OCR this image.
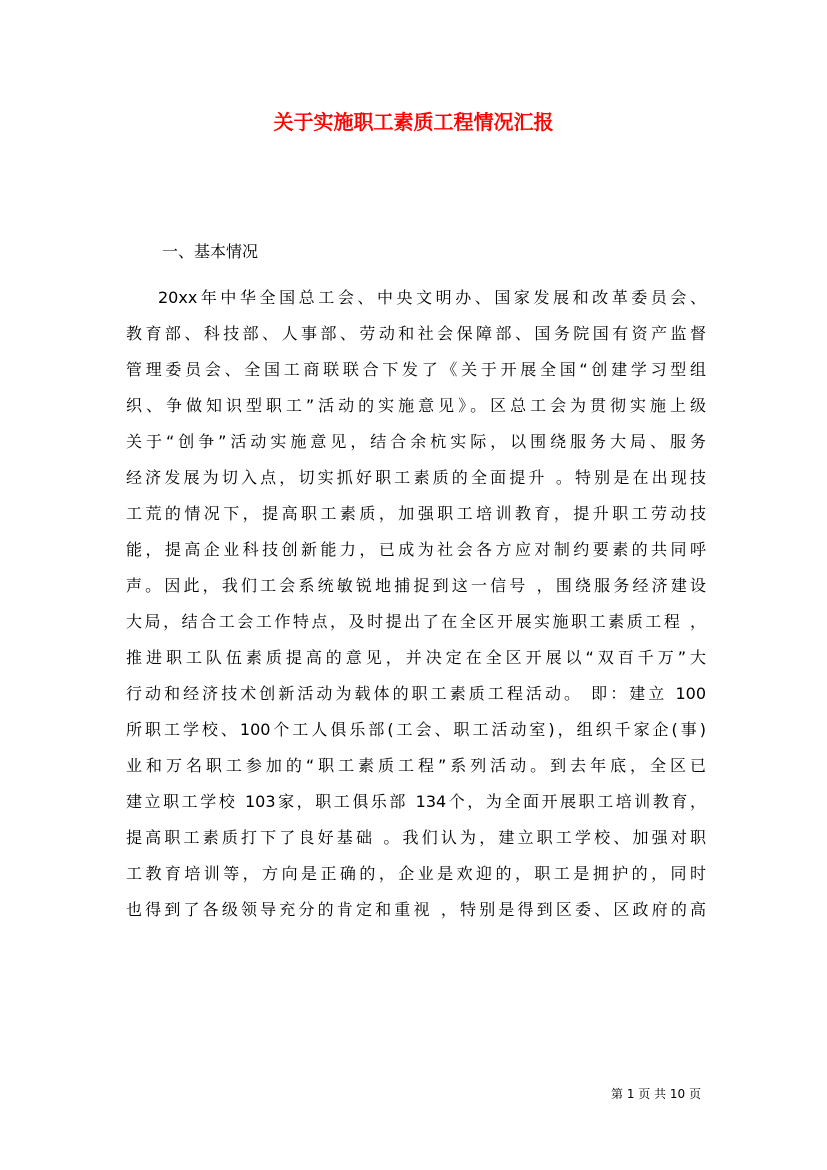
关于实施职工素质工程情况汇报

一、基本情况

20xx年中华全国总工会、中央文明办、国家发展和改革委员会、
教育部、科技部、人事部、劳动和社会保障部、国务院国有资产监督
管理委员会、全国工商联联合下发了《关于开展全国“创建学习型组
织、争做知识型职工”活动的实施意见》。区总工会为贯彻实施上级
关于“创争”活动实施意见，结合余杭实际，以围绕服务大局、服务
经济发展为切入点，切实抓好职工素质的全面提升 。特别是在出现技
工荒的情况下，提高职工素质，加强职工培训教育，提升职工劳动技
能，提高企业科技创新能力，已成为社会各方应对制约要素的共同呼
声。因此，我们工会系统敏锐地捕捉到这一信号 ，围绕服务经济建设
大局，结合工会工作特点，及时提出了在全区开展实施职工素质工程 ，
推进职工队伍素质提高的意见，并决定在全区开展以“双百千万”大
行动和经济技术创新活动为载体的职工素质工程活动。 即：建立 100
所职工学校、100个工人俱乐部(工会、职工活动室)，组织千家企(事)
业和万名职工参加的“职工素质工程”系列活动。到去年底，全区已
建立职工学校 103家，职工俱乐部 134个，为全面开展职工培训教育，
提高职工素质打下了良好基础 。我们认为，建立职工学校、加强对职
工教育培训等，方向是正确的，企业是欢迎的，职工是拥护的，同时
也得到了各级领导充分的肯定和重视 ，特别是得到区委、区政府的高
第 1 页 共 10 页
